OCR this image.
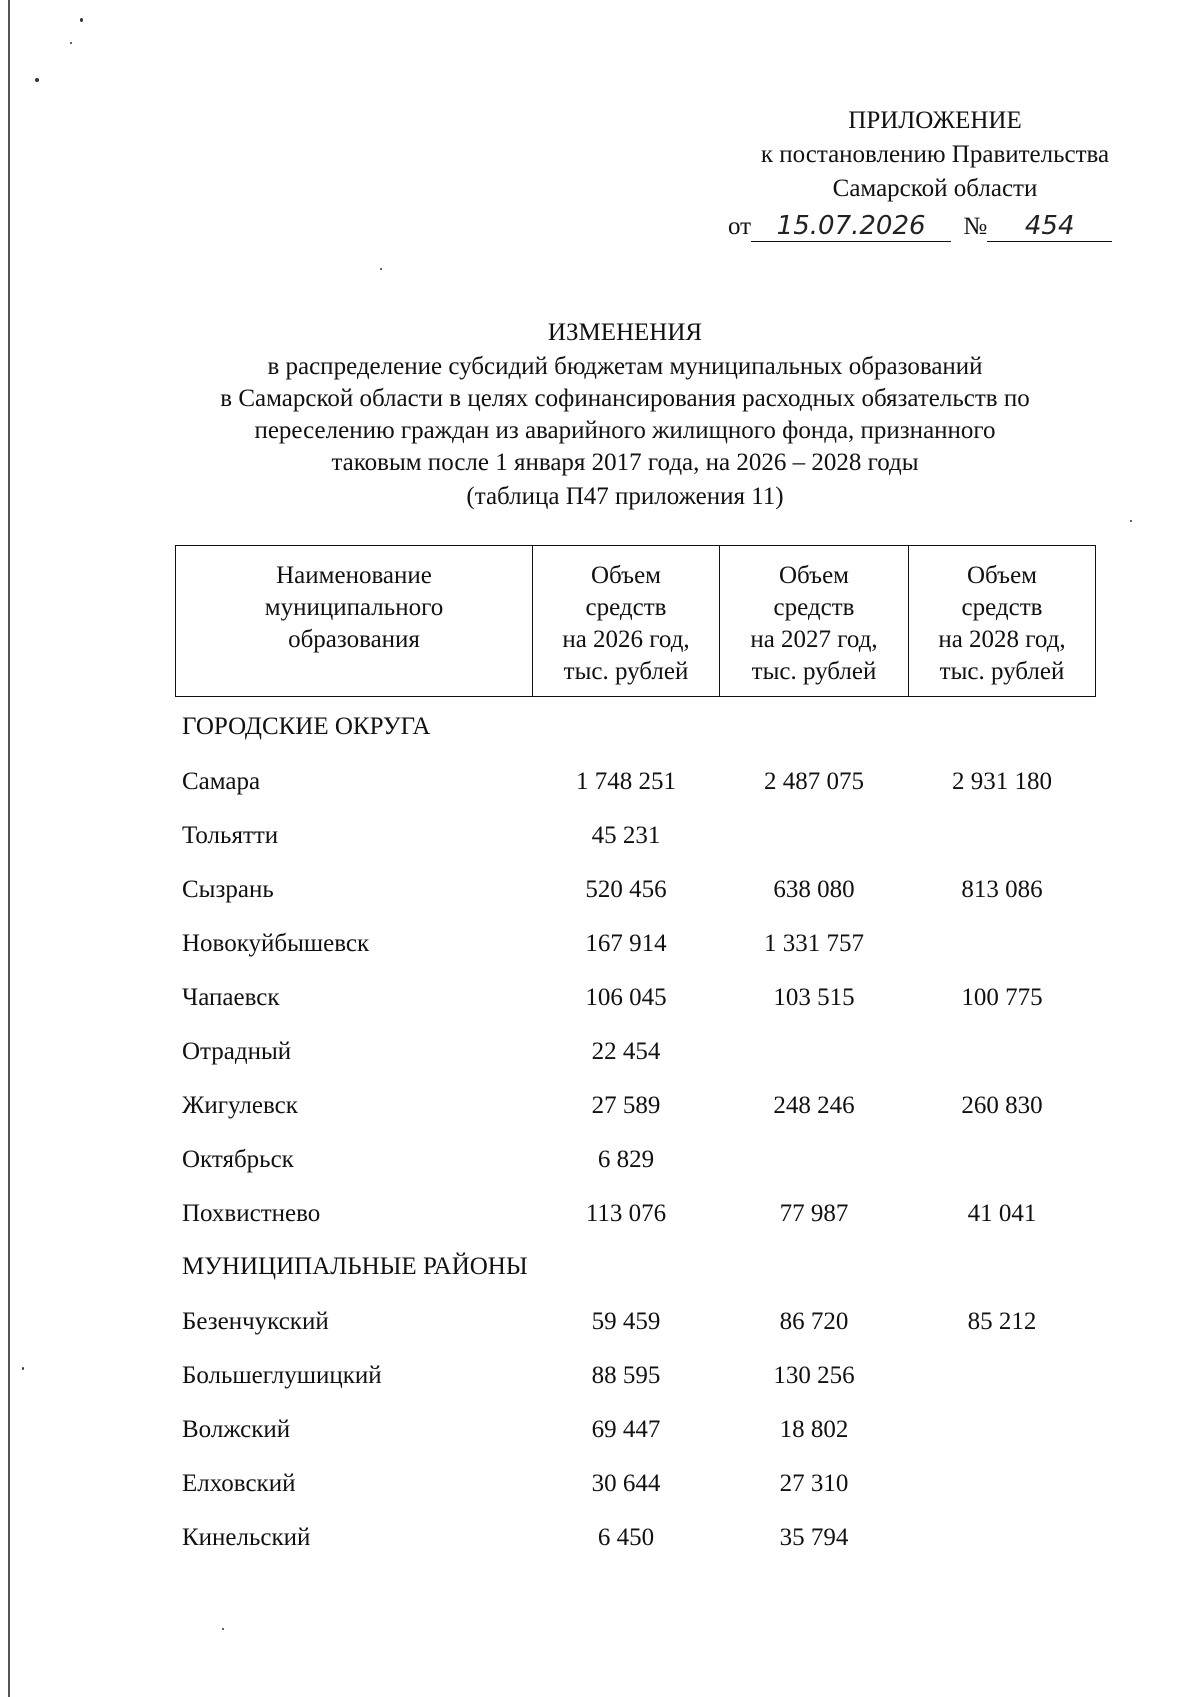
ПРИЛОЖЕНИЕ
к постановлению Правительства
Самарской области
от 15.07.2026 № 454
ИЗМЕНЕНИЯ
в распределение субсидий бюджетам муниципальных образований
в Самарской области в целях софинансирования расходных обязательств по
переселению граждан из аварийного жилищного фонда, признанного
таковым после 1 января 2017 года, на 2026 – 2028 годы
(таблица П47 приложения 11)
Наименование
муниципального
образования

Объем
средств
на 2026 год,
тыс. рублей

Объем
средств
на 2027 год,
тыс. рублей

Объем
средств
на 2028 год,
тыс. рублей
ГОРОДСКИЕ ОКРУГА
Самара	1 748 251	2 487 075	2 931 180
Тольятти	45 231
Сызрань	520 456	638 080	813 086
Новокуйбышевск	167 914	1 331 757
Чапаевск	106 045	103 515	100 775
Отрадный	22 454
Жигулевск	27 589	248 246	260 830
Октябрьск	6 829
Похвистнево	113 076	77 987	41 041
МУНИЦИПАЛЬНЫЕ РАЙОНЫ
Безенчукский	59 459	86 720	85 212
Большеглушицкий	88 595	130 256
Волжский	69 447	18 802
Елховский	30 644	27 310
Кинельский	6 450	35 794
